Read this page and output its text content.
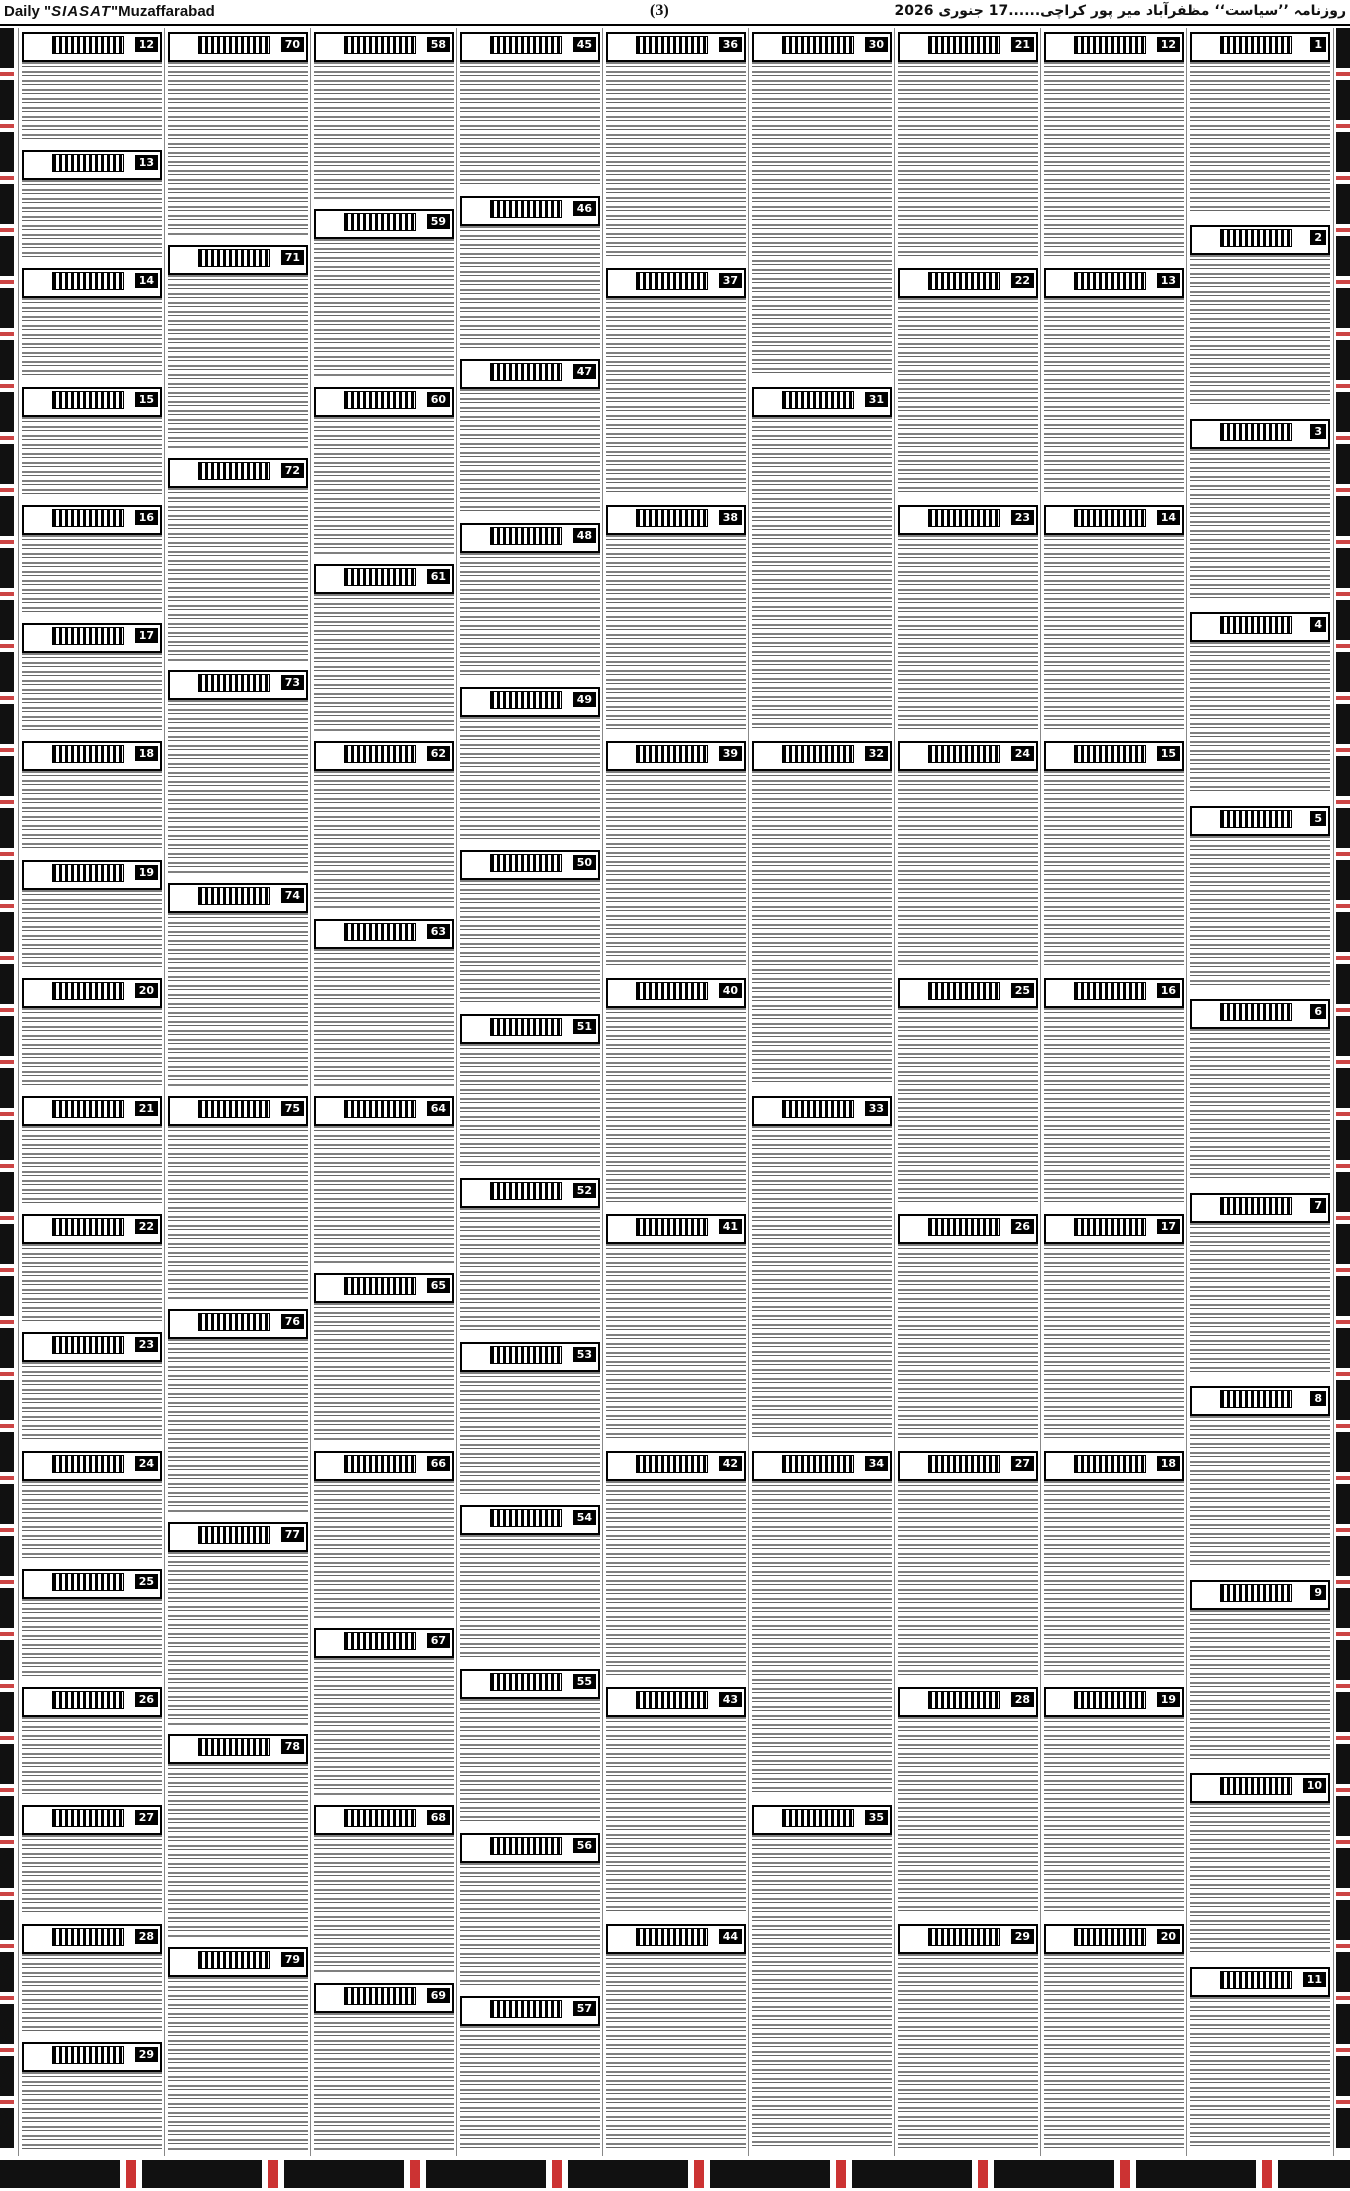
Daily "SIASAT"Muzaffarabad	(3)	روزنامہ ’’سیاست‘‘ مظفرآباد میر پور کراچی......17 جنوری 2026
12
13
14
15
16
17
18
19
20
21
22
23
24
25
26
27
28
29
70
71
72
73
74
75
76
77
78
79
58
59
60
61
62
63
64
65
66
67
68
69
45
46
47
48
49
50
51
52
53
54
55
56
57
36
37
38
39
40
41
42
43
44
30
31
32
33
34
35
21
22
23
24
25
26
27
28
29
12
13
14
15
16
17
18
19
20
1
2
3
4
5
6
7
8
9
10
11
